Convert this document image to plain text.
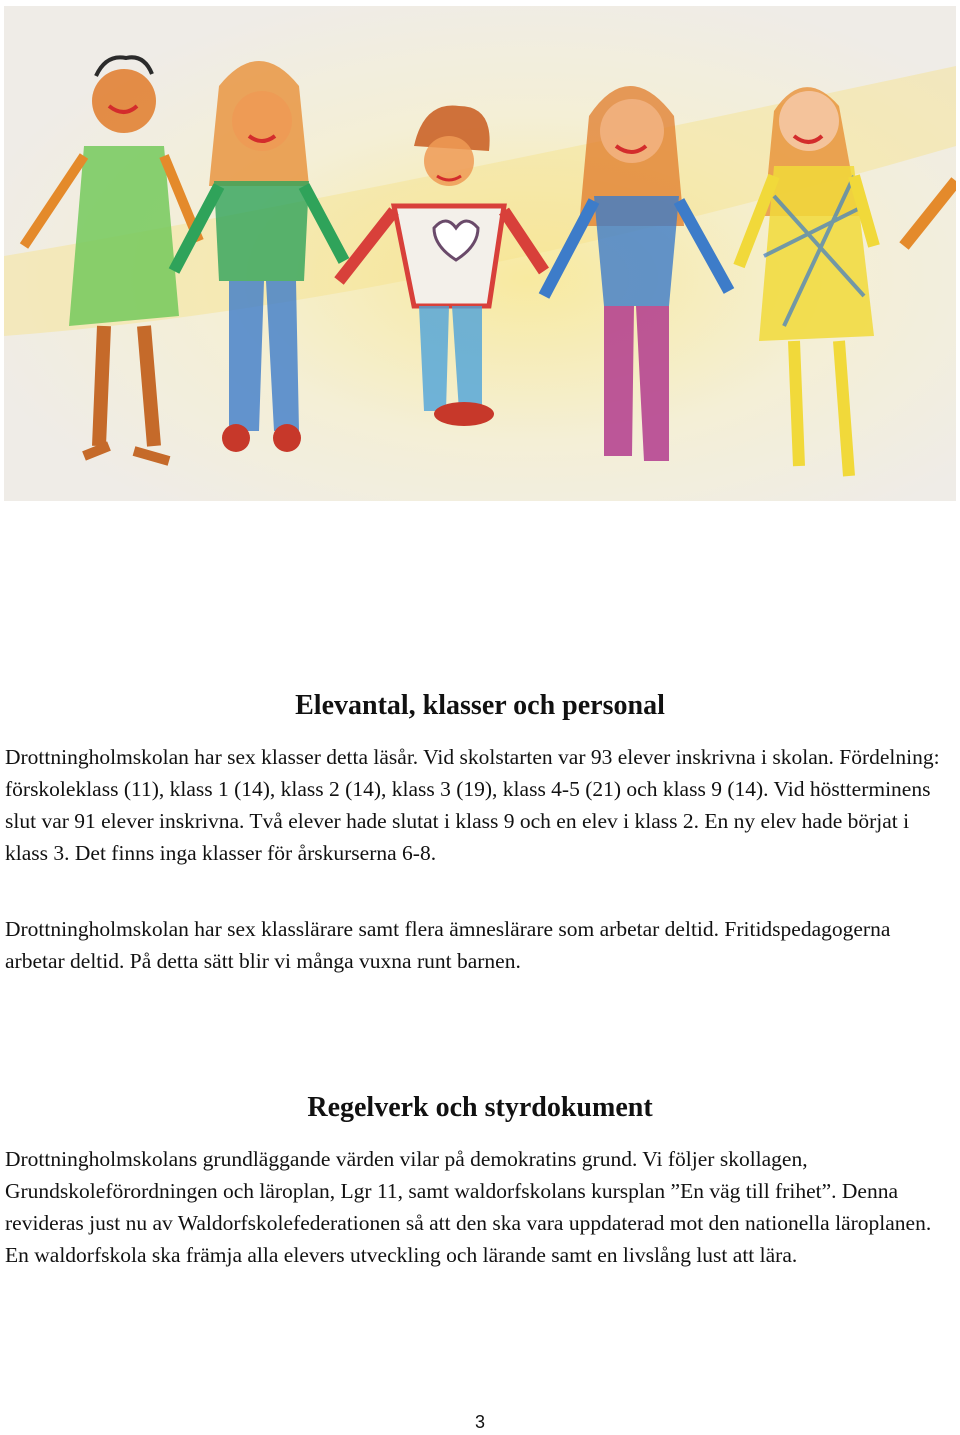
Elevantal, klasser och personal

Drottningholmskolan har sex klasser detta läsår. Vid skolstarten var 93 elever inskrivna i skolan. Fördelning: förskoleklass (11), klass 1 (14), klass 2 (14), klass 3 (19), klass 4-5 (21) och klass 9 (14). Vid höstterminens slut var 91 elever inskrivna. Två elever hade slutat i klass 9 och en elev i klass 2. En ny elev hade börjat i klass 3. Det finns inga klasser för årskurserna 6-8.

Drottningholmskolan har sex klasslärare samt flera ämneslärare som arbetar deltid. Fritidspedagogerna arbetar deltid. På detta sätt blir vi många vuxna runt barnen.

Regelverk och styrdokument

Drottningholmskolans grundläggande värden vilar på demokratins grund. Vi följer skollagen, Grundskoleförordningen och läroplan, Lgr 11, samt waldorfskolans kursplan ”En väg till frihet”. Denna revideras just nu av Waldorfskolefederationen så att den ska vara uppdaterad mot den nationella läroplanen. En waldorfskola ska främja alla elevers utveckling och lärande samt en livslång lust att lära.

3
